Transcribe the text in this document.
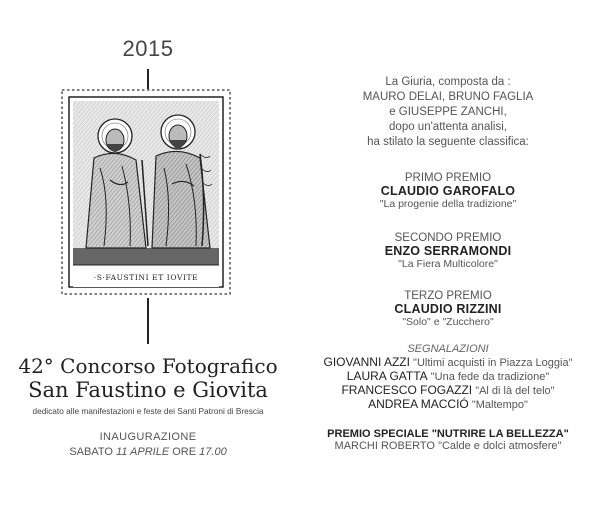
2015
·S·FAUSTINI ET IOVITE
42° Concorso Fotografico
San Faustino e Giovita
dedicato alle manifestazioni e feste dei Santi Patroni di Brescia
INAUGURAZIONE
SABATO 11 APRILE ORE 17.00
La Giuria, composta da :
MAURO DELAI, BRUNO FAGLIA
e GIUSEPPE ZANCHI,
dopo un'attenta analisi,
ha stilato la seguente classifica:
PRIMO PREMIO
CLAUDIO GAROFALO
"La progenie della tradizione"
SECONDO PREMIO
ENZO SERRAMONDI
"La Fiera Multicolore"
TERZO PREMIO
CLAUDIO RIZZINI
"Solo" e "Zucchero"
SEGNALAZIONI
GIOVANNI AZZI "Ultimi acquisti in Piazza Loggia"
LAURA GATTA "Una fede da tradizione"
FRANCESCO FOGAZZI "Al di là del telo"
ANDREA MACCIÓ "Maltempo"
PREMIO SPECIALE "NUTRIRE LA BELLEZZA"
MARCHI ROBERTO "Calde e dolci atmosfere"
